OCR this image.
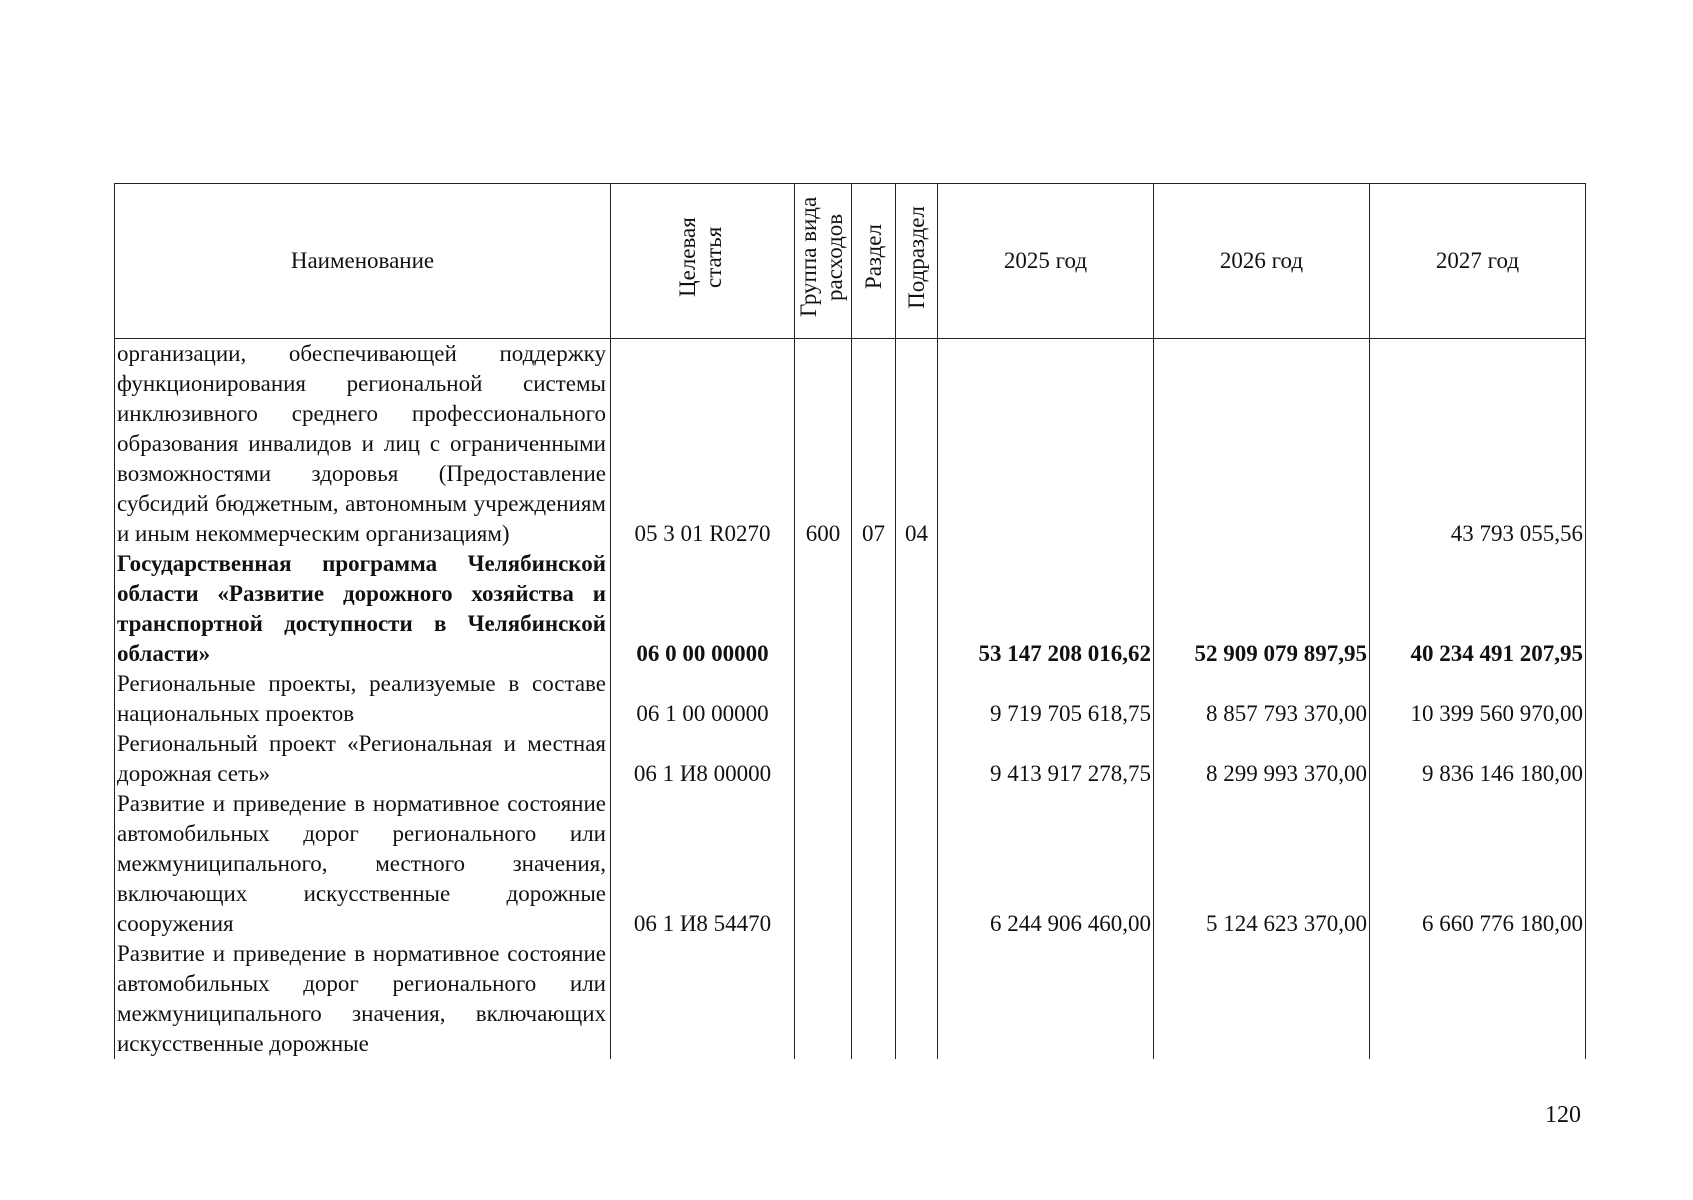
Наименование	Целевая статья	Группа вида расходов	Раздел	Подраздел	2025 год	2026 год	2027 год
организации, обеспечивающей поддержку функционирования региональной системы инклюзивного среднего профессионального образования инвалидов и лиц с ограниченными возможностями здоровья (Предоставление субсидий бюджетным, автономным учреждениям и иным некоммерческим организациям)	05 3 01 R0270	600	07	04			43 793 055,56
Государственная программа Челябинской области «Развитие дорожного хозяйства и транспортной доступности в Челябинской области»	06 0 00 00000				53 147 208 016,62	52 909 079 897,95	40 234 491 207,95
Региональные проекты, реализуемые в составе национальных проектов	06 1 00 00000				9 719 705 618,75	8 857 793 370,00	10 399 560 970,00
Региональный проект «Региональная и местная дорожная сеть»	06 1 И8 00000				9 413 917 278,75	8 299 993 370,00	9 836 146 180,00
Развитие и приведение в нормативное состояние автомобильных дорог регионального или межмуниципального, местного значения, включающих искусственные дорожные сооружения	06 1 И8 54470				6 244 906 460,00	5 124 623 370,00	6 660 776 180,00
Развитие и приведение в нормативное состояние автомобильных дорог регионального или межмуниципального значения, включающих искусственные дорожные							
120
